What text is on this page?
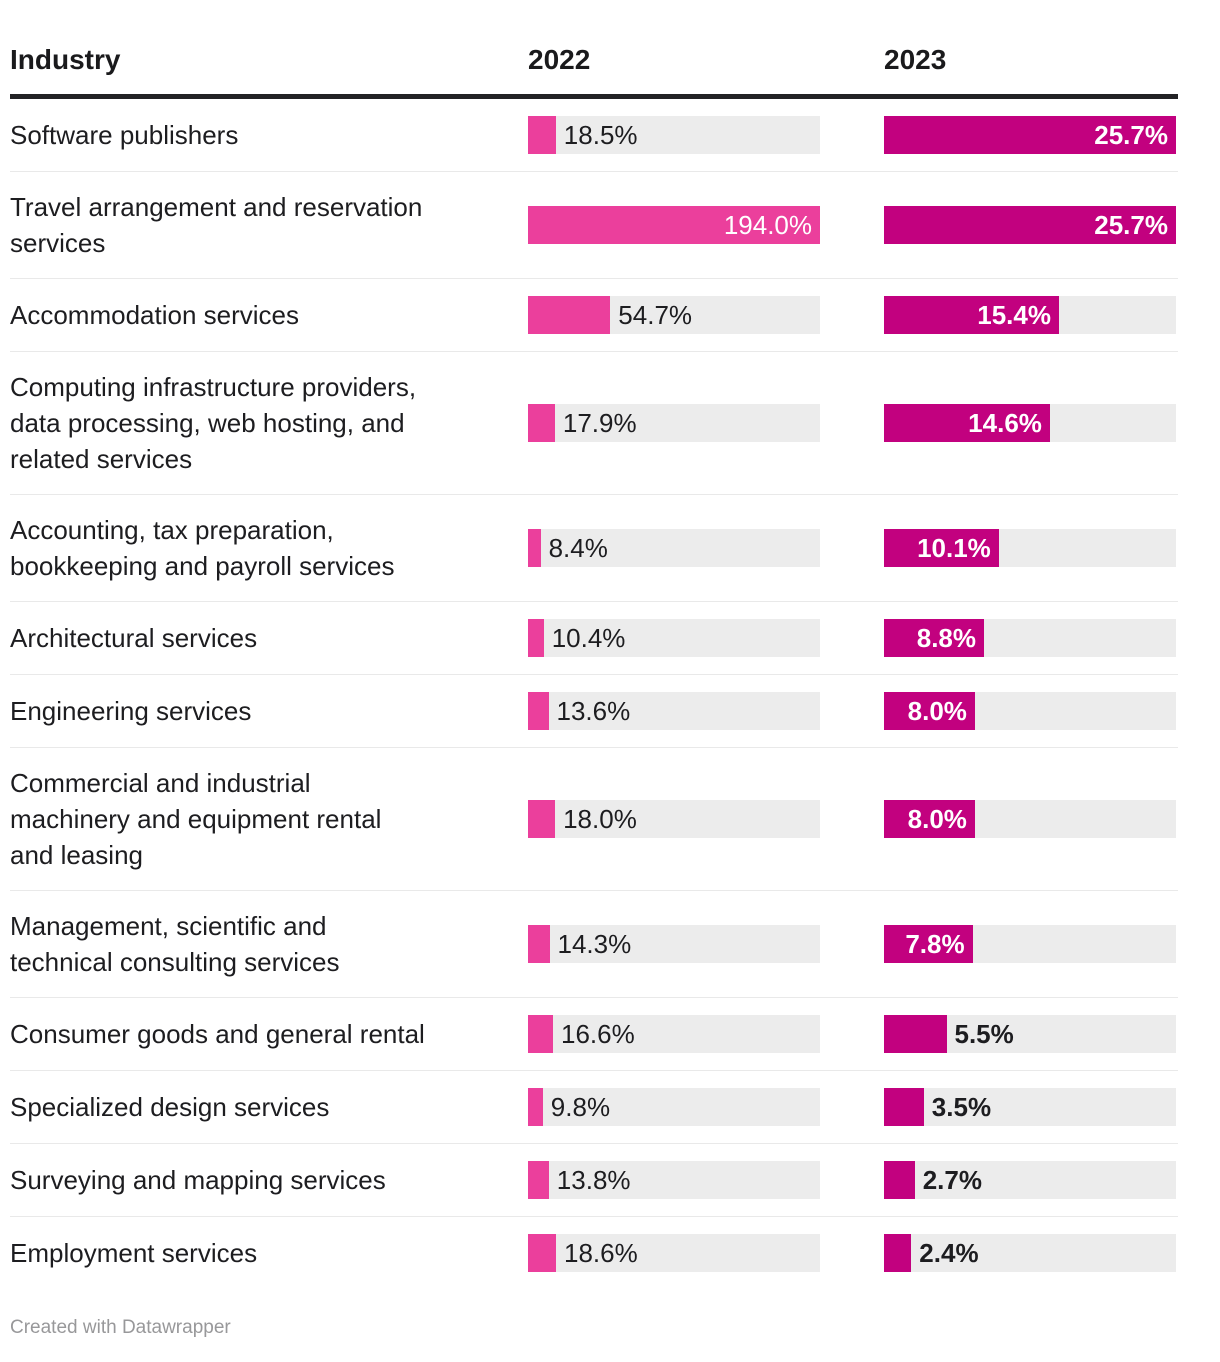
Industry	2022	2023
Software publishers	18.5%	25.7%
Travel arrangement and reservation
services
194.0%	25.7%
Accommodation services	54.7%	15.4%
Computing infrastructure providers,
data processing, web hosting, and
related services
17.9%	14.6%
Accounting, tax preparation,
bookkeeping and payroll services
8.4%	10.1%
Architectural services	10.4%	8.8%
Engineering services	13.6%	8.0%
Commercial and industrial
machinery and equipment rental
and leasing
18.0%	8.0%
Management, scientific and
technical consulting services
14.3%	7.8%
Consumer goods and general rental	16.6%	5.5%
Specialized design services	9.8%	3.5%
Surveying and mapping services	13.8%	2.7%
Employment services	18.6%	2.4%
Created with Datawrapper
